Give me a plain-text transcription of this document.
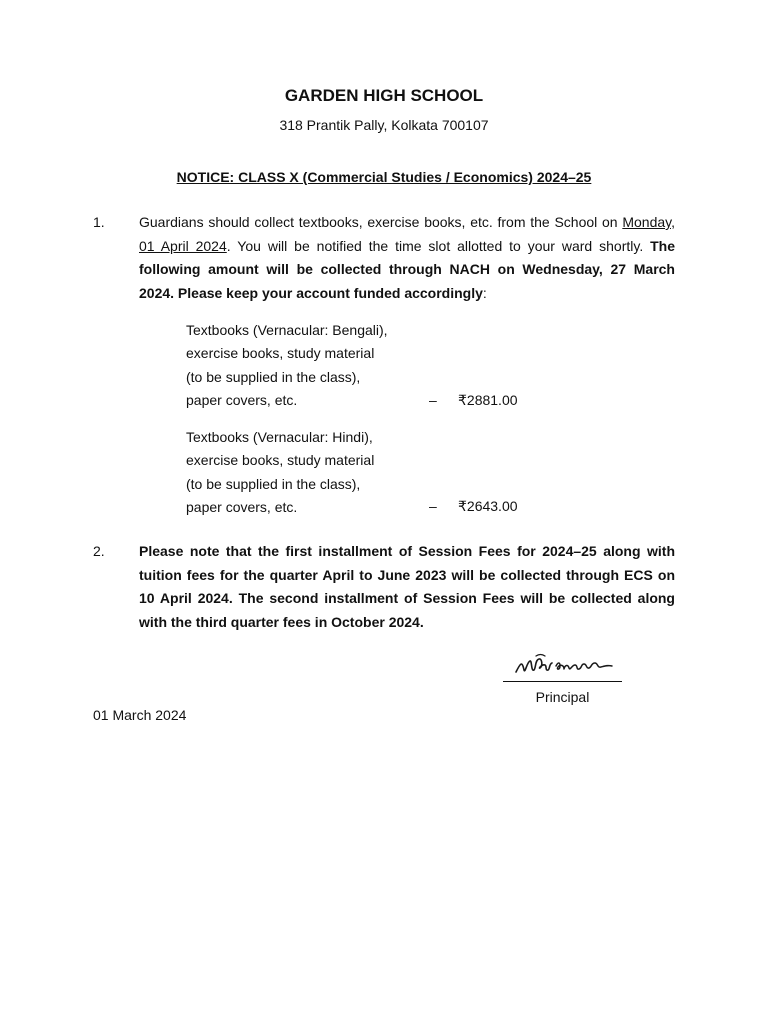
GARDEN HIGH SCHOOL
318 Prantik Pally, Kolkata 700107
NOTICE: CLASS X (Commercial Studies / Economics) 2024–25
1. Guardians should collect textbooks, exercise books, etc. from the School on Monday, 01 April 2024. You will be notified the time slot allotted to your ward shortly. The following amount will be collected through NACH on Wednesday, 27 March 2024. Please keep your account funded accordingly:
Textbooks (Vernacular: Bengali),
exercise books, study material
(to be supplied in the class),
paper covers, etc.	– ₹2881.00
Textbooks (Vernacular: Hindi),
exercise books, study material
(to be supplied in the class),
paper covers, etc.	– ₹2643.00
2. Please note that the first installment of Session Fees for 2024–25 along with tuition fees for the quarter April to June 2023 will be collected through ECS on 10 April 2024. The second installment of Session Fees will be collected along with the third quarter fees in October 2024.
Principal
01 March 2024
